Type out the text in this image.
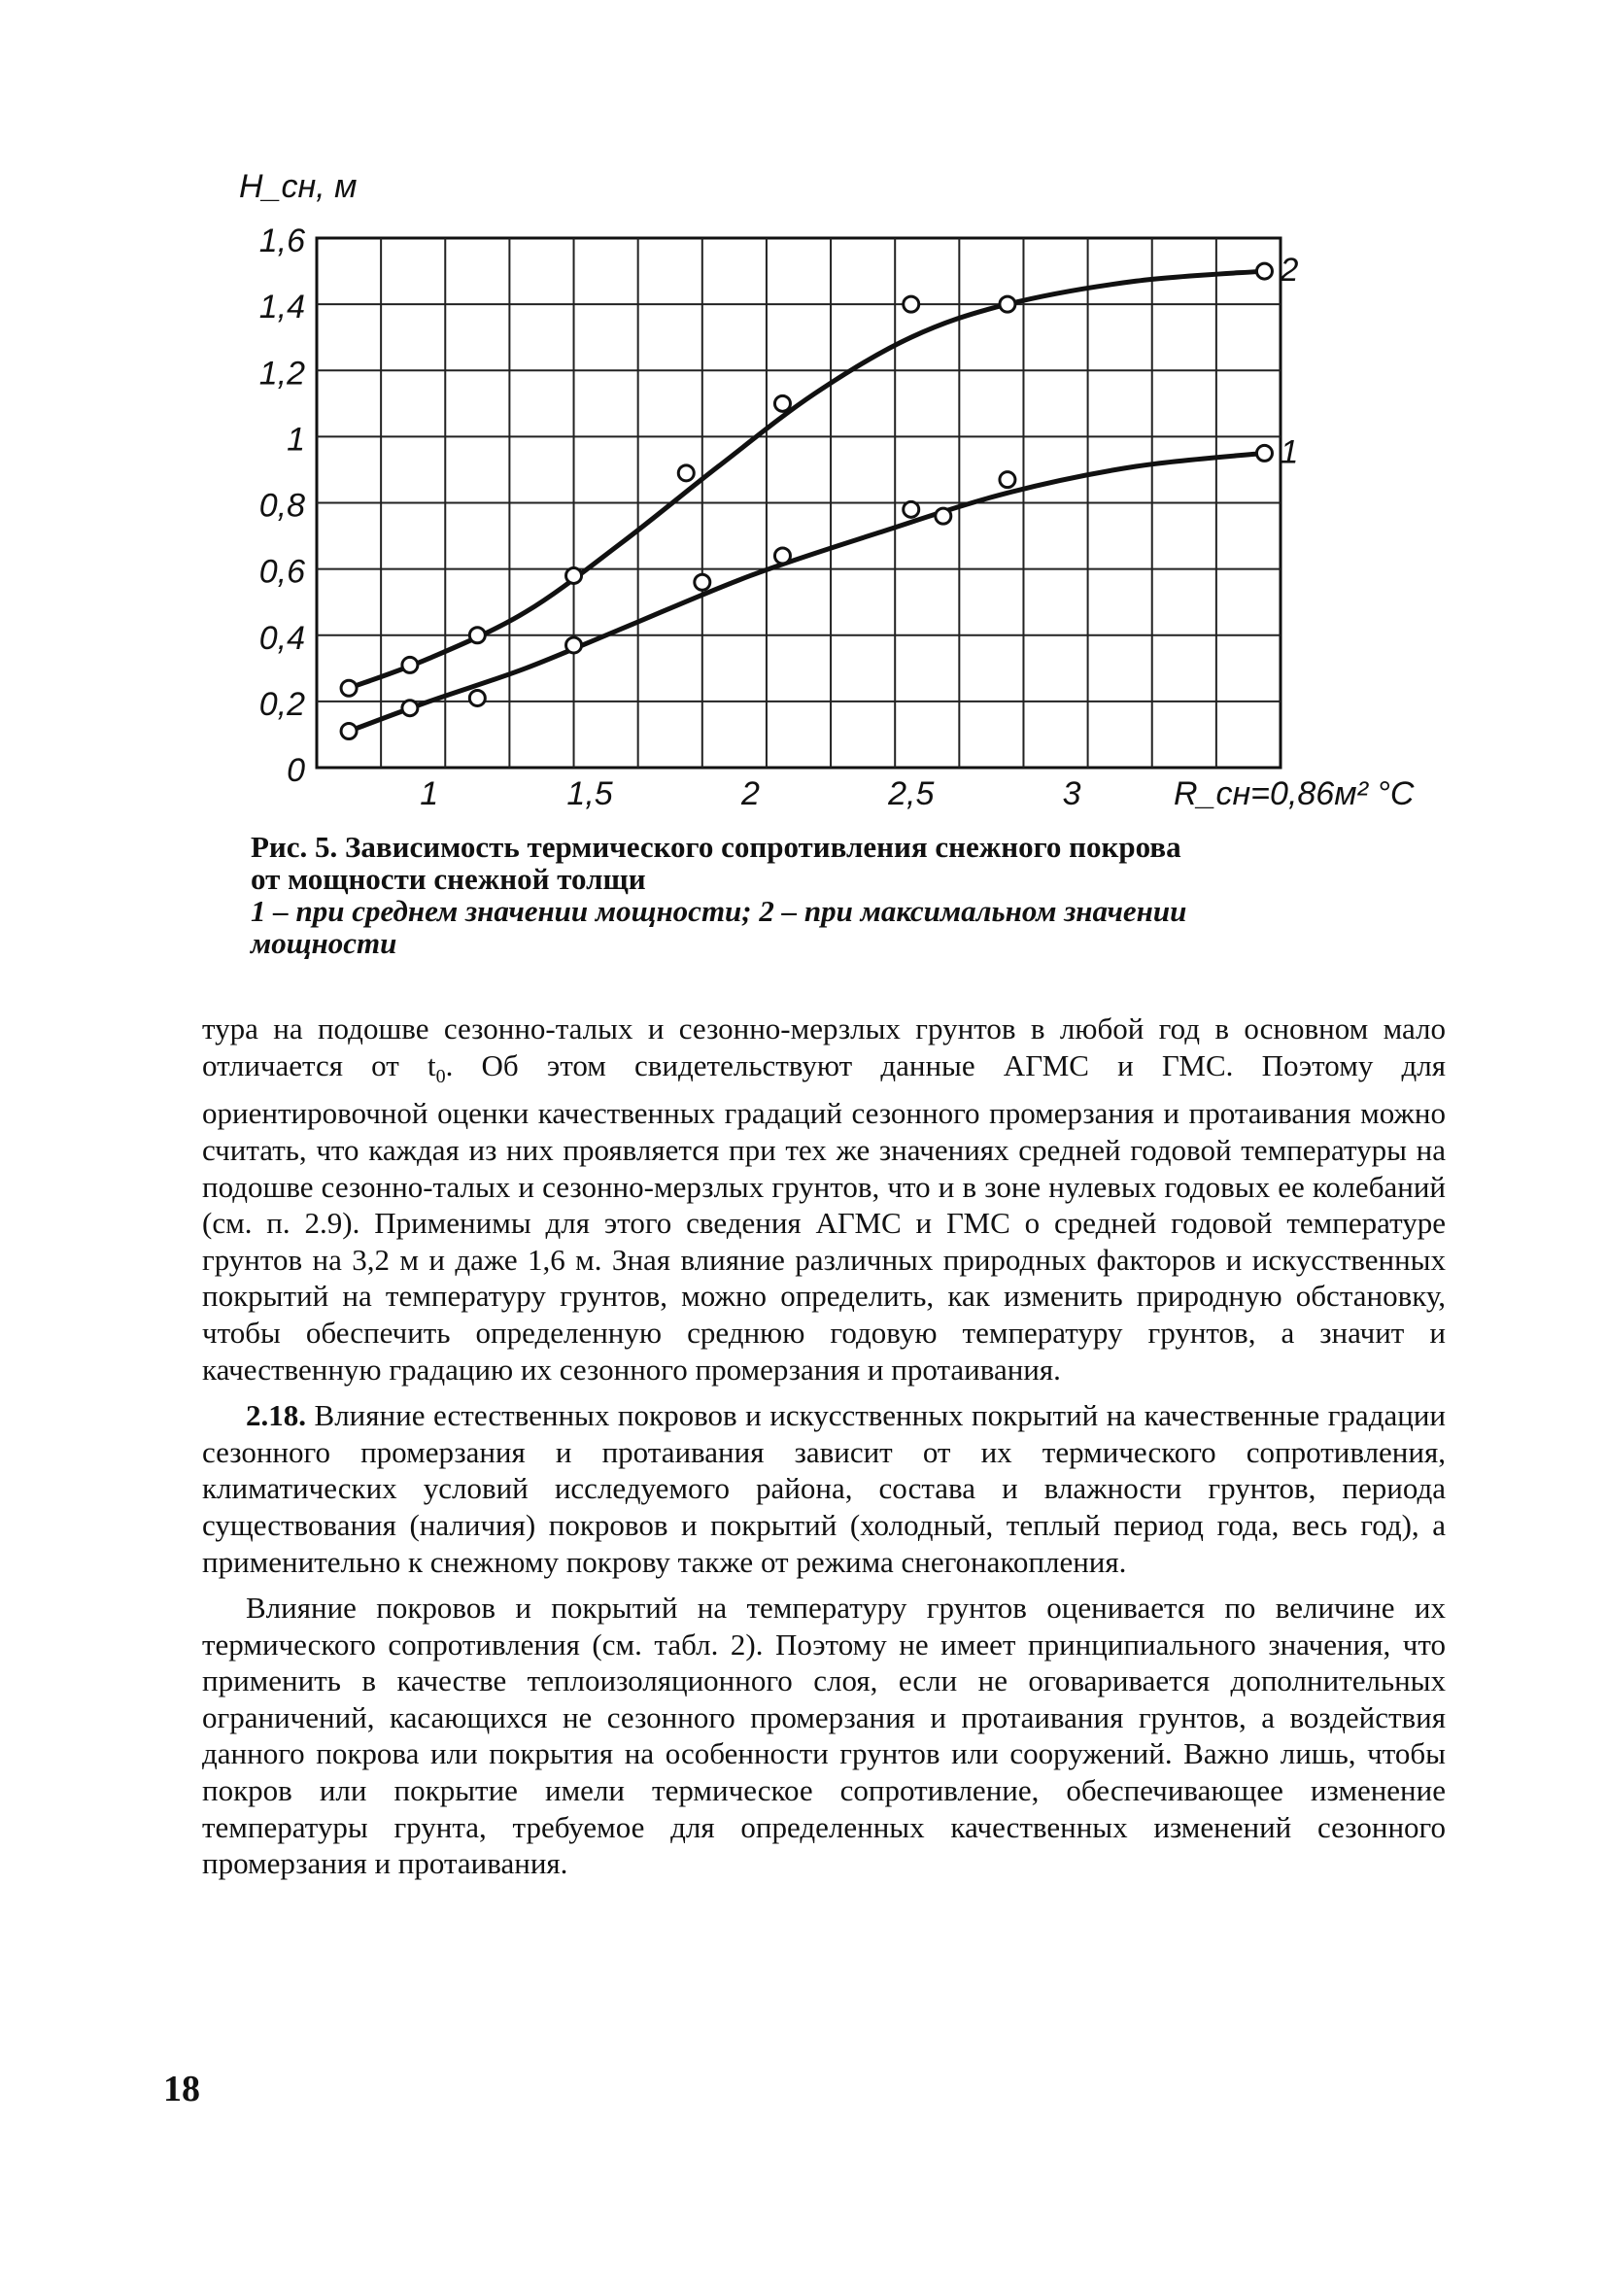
0
0,2
0,4
0,6
0,8
1
1,2
1,4
1,6
1	1,5	2	2,5	3
H_сн, м
R_сн=0,86м² °С
1
2
Рис. 5. Зависимость термического сопротивления снежного покрова
от мощности снежной толщи
1 – при среднем значении мощности; 2 – при максимальном значении
мощности

тура на подошве сезонно-талых и сезонно-мерзлых грунтов в любой год в основном мало отличается от $t_0$. Об этом свидетельствуют данные АГМС и ГМС. Поэтому для ориентировочной оценки качественных градаций сезонного промерзания и протаивания можно считать, что каждая из них проявляется при тех же значениях средней годовой температуры на подошве сезонно-талых и сезонно-мерзлых грунтов, что и в зоне нулевых годовых ее колебаний (см. п. 2.9). Применимы для этого сведения АГМС и ГМС о средней годовой температуре грунтов на 3,2 м и даже 1,6 м. Зная влияние различных природных факторов и искусственных покрытий на температуру грунтов, можно определить, как изменить природную обстановку, чтобы обеспечить определенную среднюю годовую температуру грунтов, а значит и качественную градацию их сезонного промерзания и протаивания.

2.18. Влияние естественных покровов и искусственных покрытий на качественные градации сезонного промерзания и протаивания зависит от их термического сопротивления, климатических условий исследуемого района, состава и влажности грунтов, периода существования (наличия) покровов и покрытий (холодный, теплый период года, весь год), а применительно к снежному покрову также от режима снегонакопления.

Влияние покровов и покрытий на температуру грунтов оценивается по величине их термического сопротивления (см. табл. 2). Поэтому не имеет принципиального значения, что применить в качестве теплоизоляционного слоя, если не оговаривается дополнительных ограничений, касающихся не сезонного промерзания и протаивания грунтов, а воздействия данного покрова или покрытия на особенности грунтов или сооружений. Важно лишь, чтобы покров или покрытие имели термическое сопротивление, обеспечивающее изменение температуры грунта, требуемое для определенных качественных изменений сезонного промерзания и протаивания.

18
